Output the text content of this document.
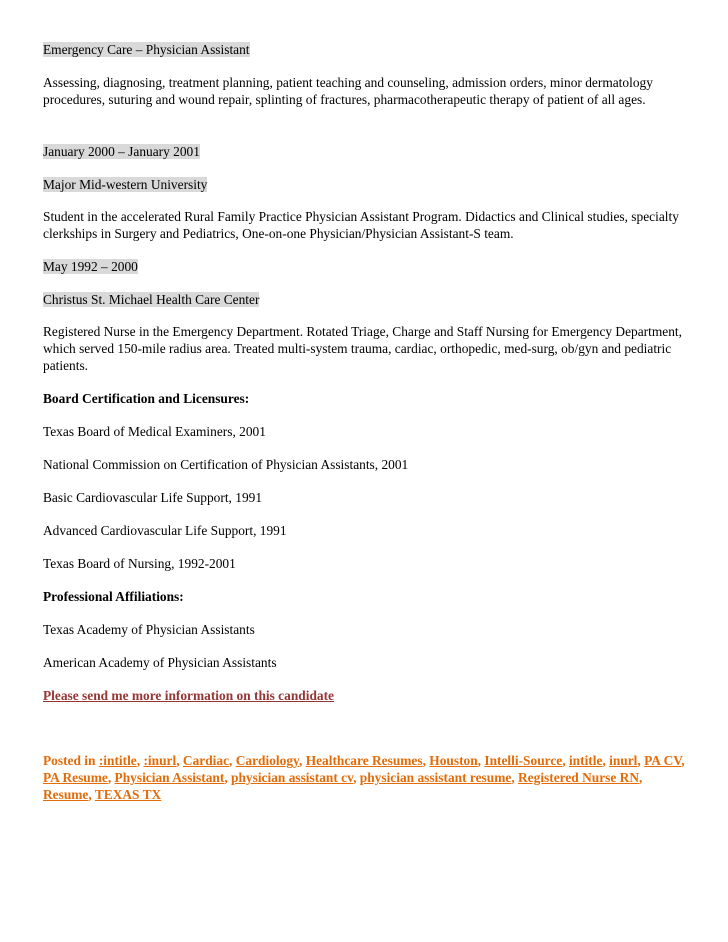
Emergency Care – Physician Assistant
Assessing, diagnosing, treatment planning, patient teaching and counseling, admission orders, minor dermatology procedures, suturing and wound repair, splinting of fractures, pharmacotherapeutic therapy of patient of all ages.
January 2000 – January 2001
Major Mid-western University
Student in the accelerated Rural Family Practice Physician Assistant Program. Didactics and Clinical studies, specialty clerkships in Surgery and Pediatrics, One-on-one Physician/Physician Assistant-S team.
May 1992 – 2000
Christus St. Michael Health Care Center
Registered Nurse in the Emergency Department. Rotated Triage, Charge and Staff Nursing for Emergency Department, which served 150-mile radius area. Treated multi-system trauma, cardiac, orthopedic, med-surg, ob/gyn and pediatric patients.
Board Certification and Licensures:
Texas Board of Medical Examiners, 2001
National Commission on Certification of Physician Assistants, 2001
Basic Cardiovascular Life Support, 1991
Advanced Cardiovascular Life Support, 1991
Texas Board of Nursing, 1992-2001
Professional Affiliations:
Texas Academy of Physician Assistants
American Academy of Physician Assistants
Please send me more information on this candidate
Posted in :intitle, :inurl, Cardiac, Cardiology, Healthcare Resumes, Houston, Intelli-Source, intitle, inurl, PA CV, PA Resume, Physician Assistant, physician assistant cv, physician assistant resume, Registered Nurse RN, Resume, TEXAS TX
